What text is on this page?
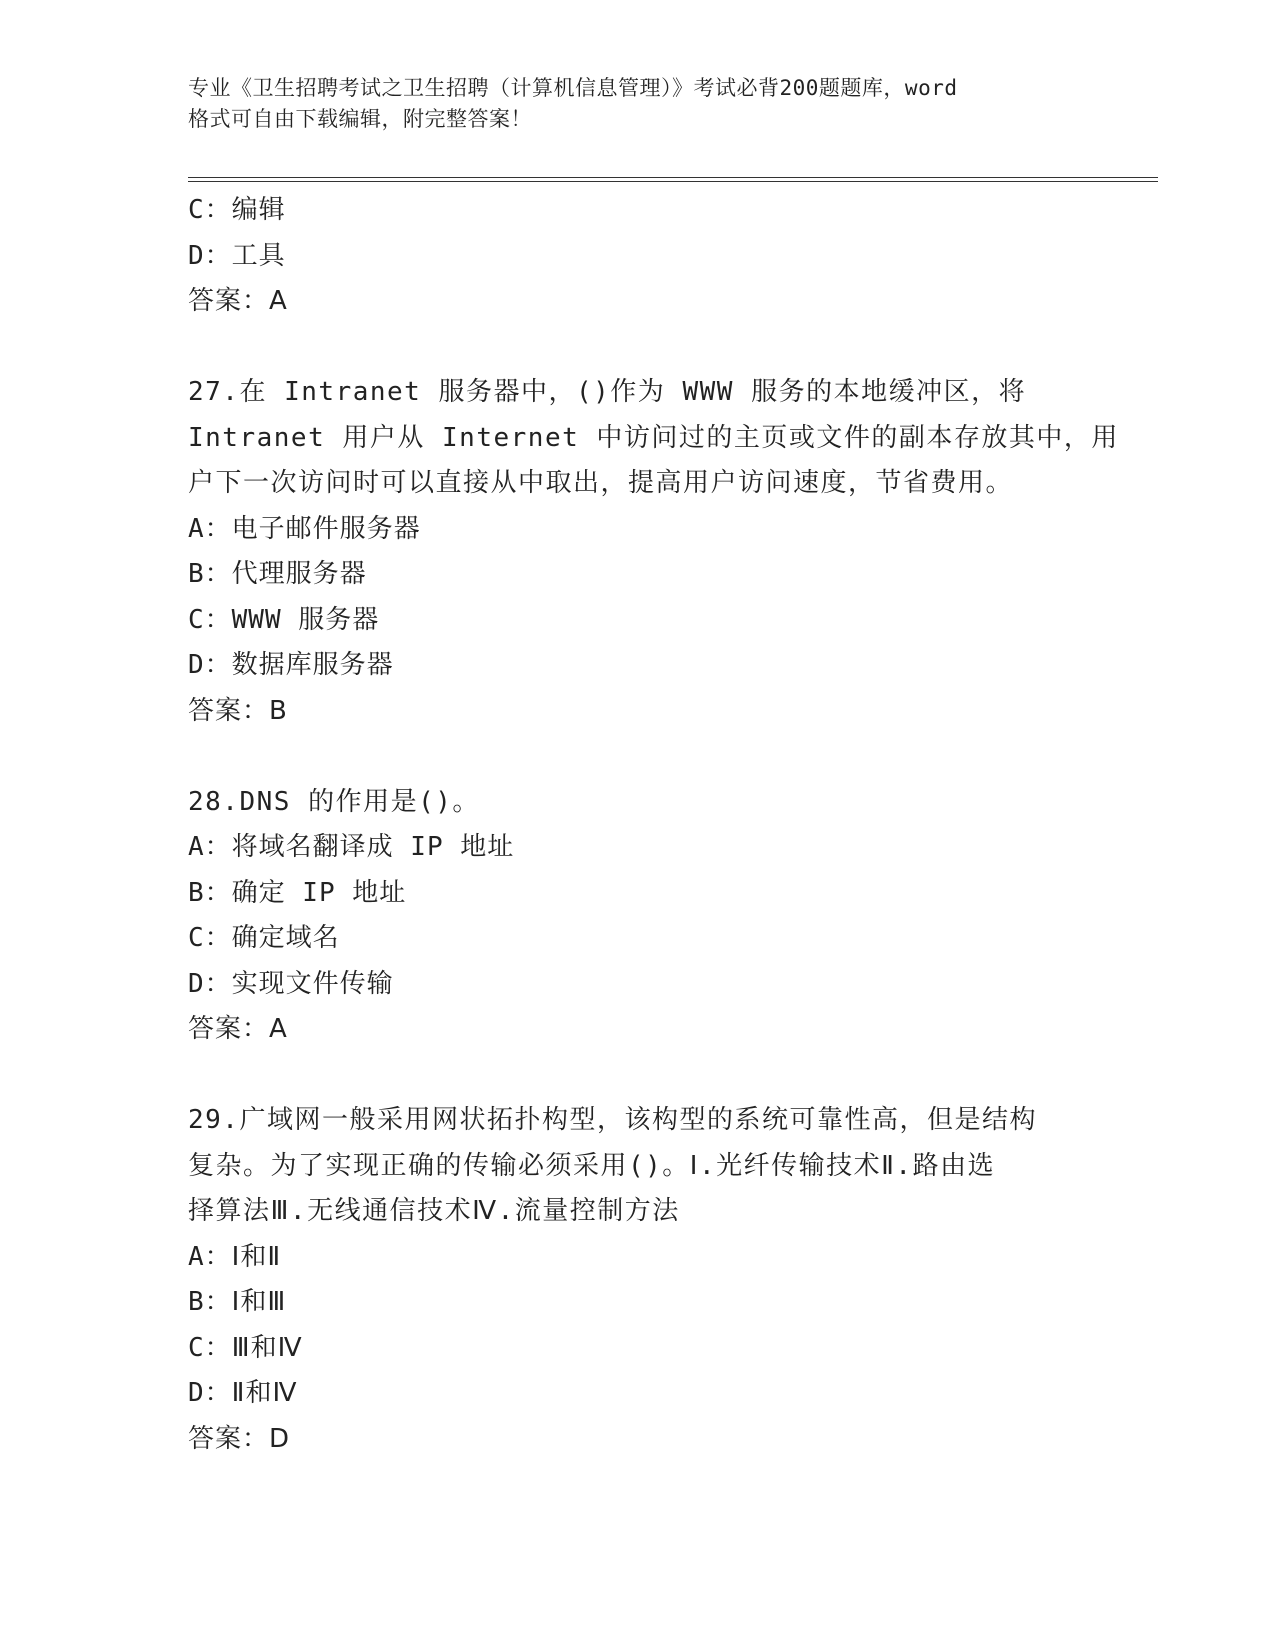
专业《卫生招聘考试之卫生招聘（计算机信息管理）》考试必背200题题库，word
格式可自由下载编辑，附完整答案！
C：编辑
D：工具
答案：A
27.在 Intranet 服务器中，()作为 WWW 服务的本地缓冲区，将
Intranet 用户从 Internet 中访问过的主页或文件的副本存放其中，用
户下一次访问时可以直接从中取出，提高用户访问速度，节省费用。
A：电子邮件服务器
B：代理服务器
C：WWW 服务器
D：数据库服务器
答案：B
28.DNS 的作用是()。
A：将域名翻译成 IP 地址
B：确定 IP 地址
C：确定域名
D：实现文件传输
答案：A
29.广域网一般采用网状拓扑构型，该构型的系统可靠性高，但是结构
复杂。为了实现正确的传输必须采用()。Ⅰ.光纤传输技术Ⅱ.路由选
择算法Ⅲ.无线通信技术Ⅳ.流量控制方法
A：Ⅰ和Ⅱ
B：Ⅰ和Ⅲ
C：Ⅲ和Ⅳ
D：Ⅱ和Ⅳ
答案：D
